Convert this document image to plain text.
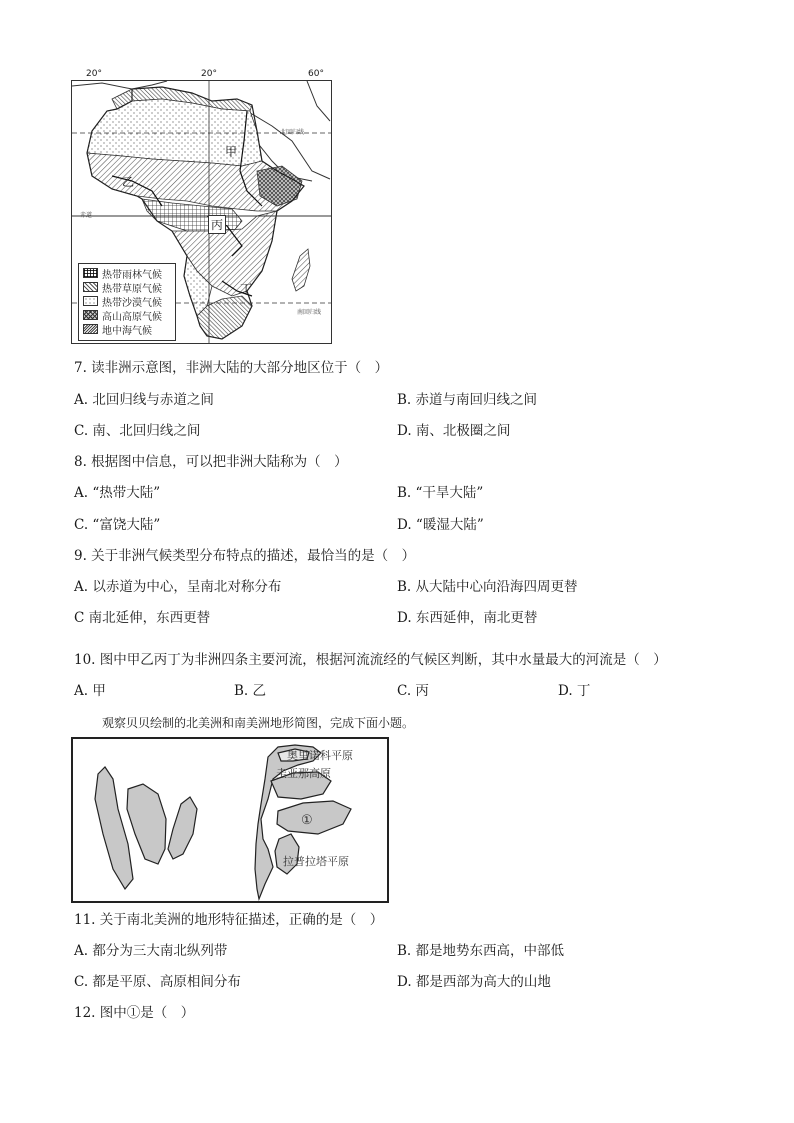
20°	20°	60°
甲
乙
丙
丁
北回归线
赤道
南回归线
热带雨林气候
热带草原气候
热带沙漠气候
高山高原气候
地中海气候
7. 读非洲示意图，非洲大陆的大部分地区位于（　）
A. 北回归线与赤道之间	B. 赤道与南回归线之间
C. 南、北回归线之间	D. 南、北极圈之间
8. 根据图中信息，可以把非洲大陆称为（　）
A. “热带大陆”	B. “干旱大陆”
C. “富饶大陆”	D. “暖湿大陆”
9. 关于非洲气候类型分布特点的描述，最恰当的是（　）
A. 以赤道为中心，呈南北对称分布	B. 从大陆中心向沿海四周更替
C 南北延伸，东西更替	D. 东西延伸，南北更替
10. 图中甲乙丙丁为非洲四条主要河流，根据河流流经的气候区判断，其中水量最大的河流是（　）
A. 甲	B. 乙	C. 丙	D. 丁
观察贝贝绘制的北美洲和南美洲地形简图，完成下面小题。
奥里诺科平原
圭亚那高原
①
拉普拉塔平原
11. 关于南北美洲的地形特征描述，正确的是（　）
A. 都分为三大南北纵列带	B. 都是地势东西高，中部低
C. 都是平原、高原相间分布	D. 都是西部为高大的山地
12. 图中①是（　）
